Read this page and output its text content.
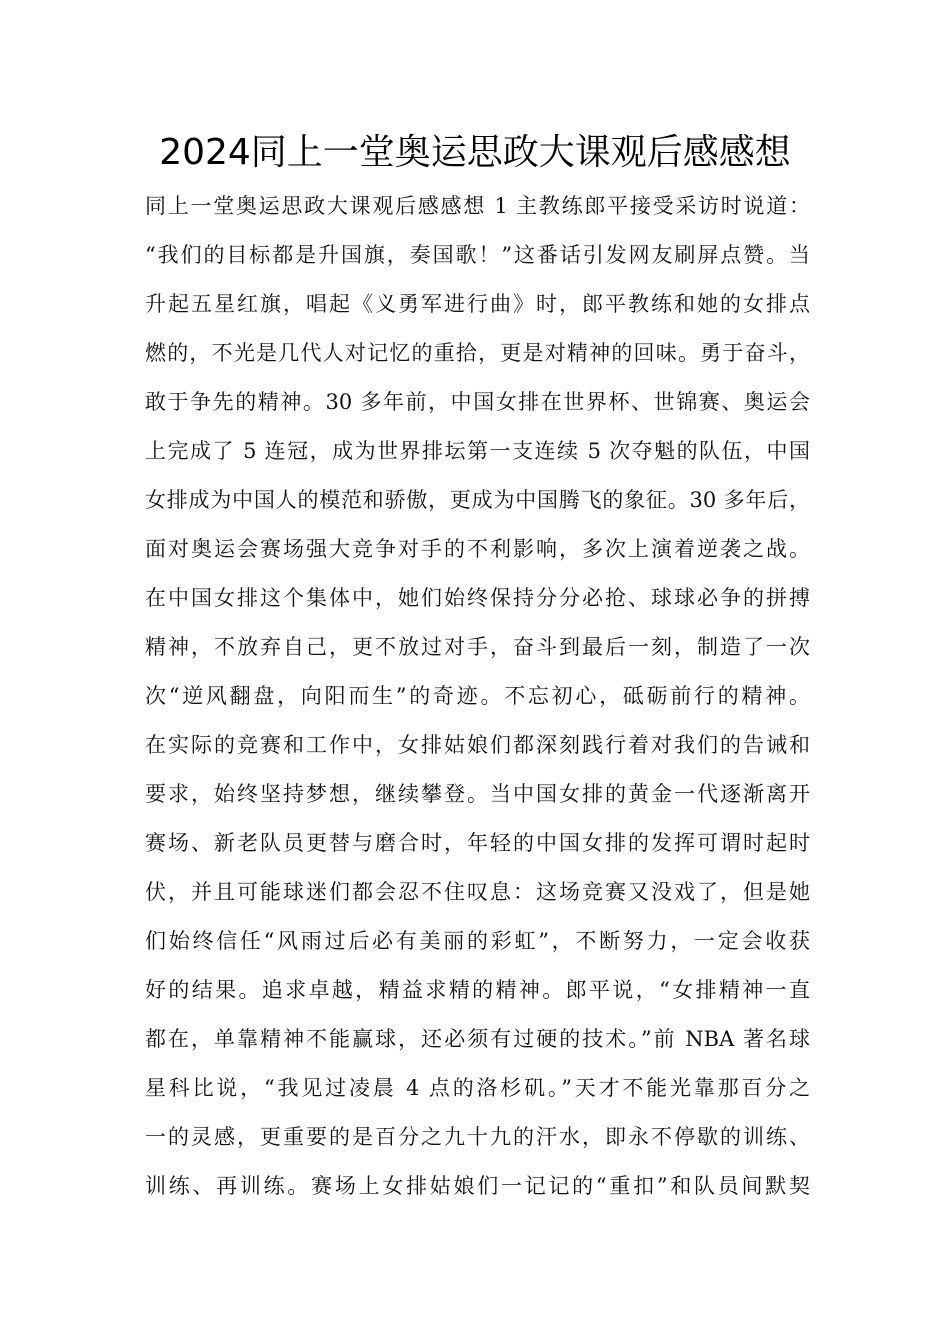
2024同上一堂奥运思政大课观后感感想
同上一堂奥运思政大课观后感感想 1 主教练郎平接受采访时说道：
“我们的目标都是升国旗，奏国歌！”这番话引发网友刷屏点赞。当
升起五星红旗，唱起《义勇军进行曲》时，郎平教练和她的女排点
燃的，不光是几代人对记忆的重拾，更是对精神的回味。勇于奋斗，
敢于争先的精神。30 多年前，中国女排在世界杯、世锦赛、奥运会
上完成了 5 连冠，成为世界排坛第一支连续 5 次夺魁的队伍，中国
女排成为中国人的模范和骄傲，更成为中国腾飞的象征。30 多年后，
面对奥运会赛场强大竞争对手的不利影响，多次上演着逆袭之战。
在中国女排这个集体中，她们始终保持分分必抢、球球必争的拼搏
精神，不放弃自己，更不放过对手，奋斗到最后一刻，制造了一次
次“逆风翻盘，向阳而生”的奇迹。不忘初心，砥砺前行的精神。
在实际的竞赛和工作中，女排姑娘们都深刻践行着对我们的告诫和
要求，始终坚持梦想，继续攀登。当中国女排的黄金一代逐渐离开
赛场、新老队员更替与磨合时，年轻的中国女排的发挥可谓时起时
伏，并且可能球迷们都会忍不住叹息：这场竞赛又没戏了，但是她
们始终信任“风雨过后必有美丽的彩虹”，不断努力，一定会收获
好的结果。追求卓越，精益求精的精神。郎平说，“女排精神一直
都在，单靠精神不能赢球，还必须有过硬的技术。”前 NBA 著名球
星科比说，“我见过凌晨 4 点的洛杉矶。”天才不能光靠那百分之
一的灵感，更重要的是百分之九十九的汗水，即永不停歇的训练、
训练、再训练。赛场上女排姑娘们一记记的“重扣”和队员间默契
